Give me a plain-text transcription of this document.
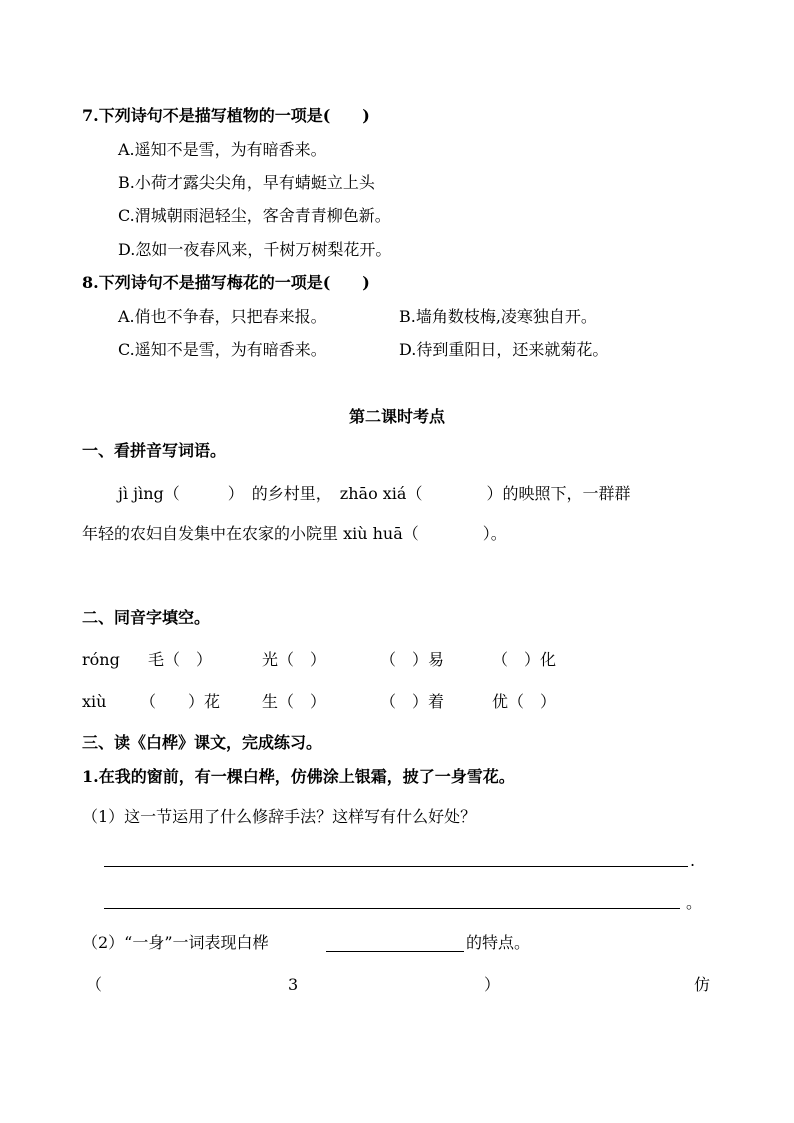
7.下列诗句不是描写植物的一项是(　　)
A.遥知不是雪，为有暗香来。
B.小荷才露尖尖角，早有蜻蜓立上头
C.渭城朝雨浥轻尘，客舍青青柳色新。
D.忽如一夜春风来，千树万树梨花开。
8.下列诗句不是描写梅花的一项是(　　)
A.俏也不争春，只把春来报。	B.墙角数枝梅,凌寒独自开。
C.遥知不是雪，为有暗香来。	D.待到重阳日，还来就菊花。
第二课时考点
一、看拼音写词语。
jì jìng（　　　）　的乡村里，　zhāo xiá（　　　　）的映照下，一群群
年轻的农妇自发集中在农家的小院里 xiù huā（　　　　）。
二、同音字填空。
róng 毛（　）	光（　）	（　）易	（　）化
xiù （　　）花	生（　）	（　）着	优（　）
三、读《白桦》课文，完成练习。
1.在我的窗前，有一棵白桦，仿佛涂上银霜，披了一身雪花。
（1）这一节运用了什么修辞手法？这样写有什么好处？
.
。
（2）“一身”一词表现白桦	的特点。
（	3	）	仿
